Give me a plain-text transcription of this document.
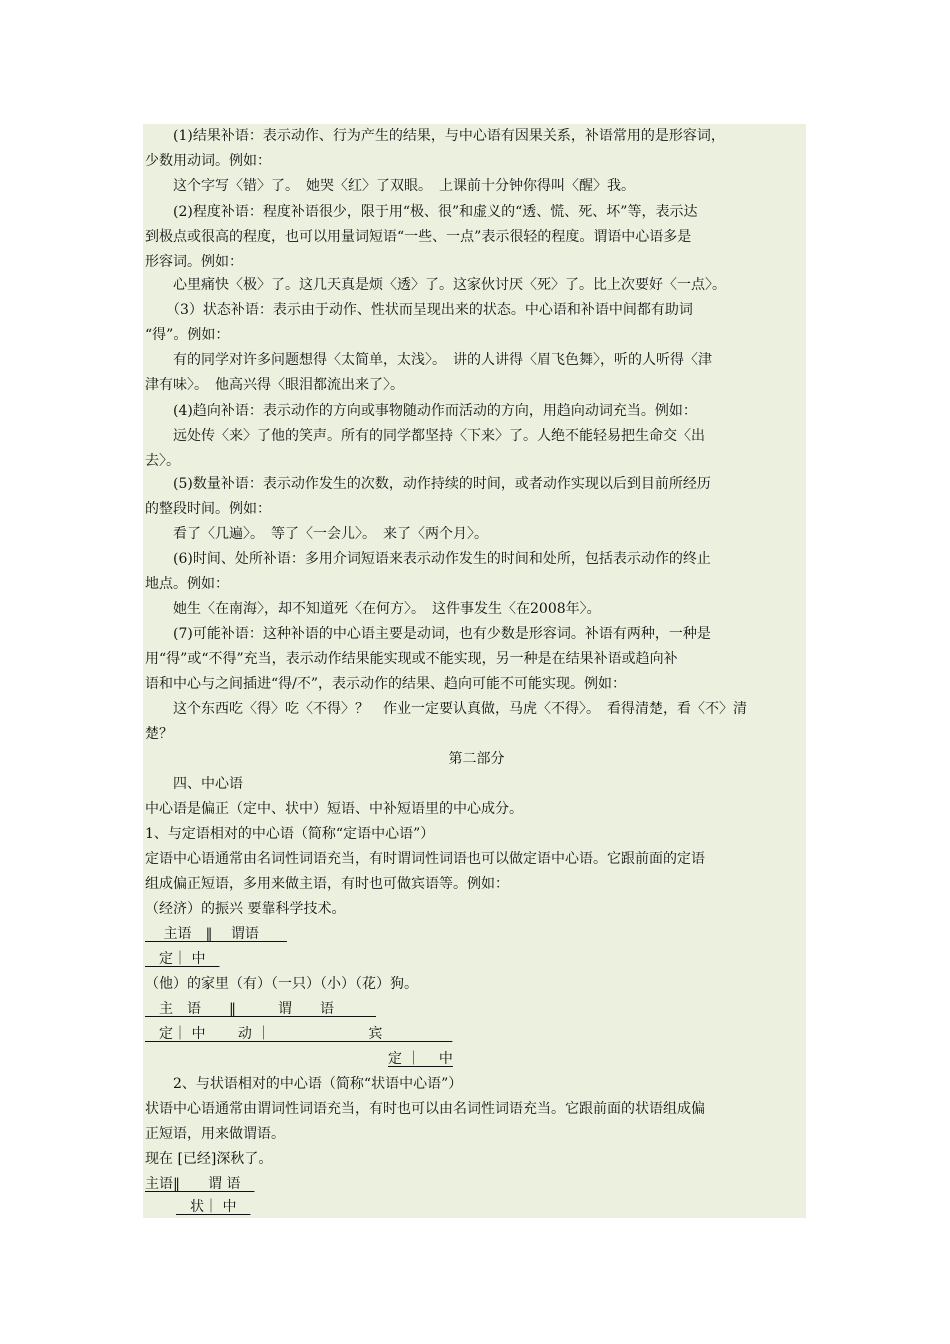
　　(1)结果补语：表示动作、行为产生的结果，与中心语有因果关系，补语常用的是形容词，
少数用动词。例如：
　　这个字写〈错〉了。　她哭〈红〉了双眼。　上课前十分钟你得叫〈醒〉我。
　　(2)程度补语：程度补语很少，限于用“极、很”和虚义的“透、慌、死、坏”等，表示达
到极点或很高的程度，也可以用量词短语“一些、一点”表示很轻的程度。谓语中心语多是
形容词。例如：
　　心里痛快〈极〉了。这几天真是烦〈透〉了。这家伙讨厌〈死〉了。比上次要好〈一点〉。
　　（3）状态补语：表示由于动作、性状而呈现出来的状态。中心语和补语中间都有助词
“得”。例如：
　　有的同学对许多问题想得〈太简单，太浅〉。　讲的人讲得〈眉飞色舞〉，听的人听得〈津
津有味〉。　他高兴得〈眼泪都流出来了〉。
　　(4)趋向补语：表示动作的方向或事物随动作而活动的方向，用趋向动词充当。例如：
　　远处传〈来〉了他的笑声。所有的同学都坚持〈下来〉了。人绝不能轻易把生命交〈出
去〉。
　　(5)数量补语：表示动作发生的次数，动作持续的时间，或者动作实现以后到目前所经历
的整段时间。例如：
　　看了〈几遍〉。　等了〈一会儿〉。　来了〈两个月〉。
　　(6)时间、处所补语：多用介词短语来表示动作发生的时间和处所，包括表示动作的终止
地点。例如：
　　她生〈在南海〉，却不知道死〈在何方〉。　这件事发生〈在2008年〉。
　　(7)可能补语：这种补语的中心语主要是动词，也有少数是形容词。补语有两种，一种是
用“得”或“不得”充当，表示动作结果能实现或不能实现，另一种是在结果补语或趋向补
语和中心与之间插进“得/不”，表示动作的结果、趋向可能不可能实现。例如：
　　这个东西吃〈得〉吃〈不得〉？　作业一定要认真做，马虎〈不得〉。　看得清楚，看〈不〉清
楚？
第二部分
　　四、中心语
中心语是偏正（定中、状中）短语、中补短语里的中心成分。
1、与定语相对的中心语（简称“定语中心语”）
定语中心语通常由名词性词语充当，有时谓词性词语也可以做定语中心语。它跟前面的定语
组成偏正短语，多用来做主语，有时也可做宾语等。例如：
（经济）的振兴 要靠科学技术。
　 主语　‖　 谓语　　
　定｜ 中　
（他）的家里（有）（一只）（小）（花）狗。
　主　语　　‖　　　谓　　语　　　
　定｜ 中　　 动 ｜　　　　　　　宾　　　　　
定 ｜　 中
　　2、与状语相对的中心语（简称“状语中心语”）
状语中心语通常由谓词性词语充当，有时也可以由名词性词语充当。它跟前面的状语组成偏
正短语，用来做谓语。
现在 [已经]深秋了。
主语‖　　谓 语　
　状｜ 中　
